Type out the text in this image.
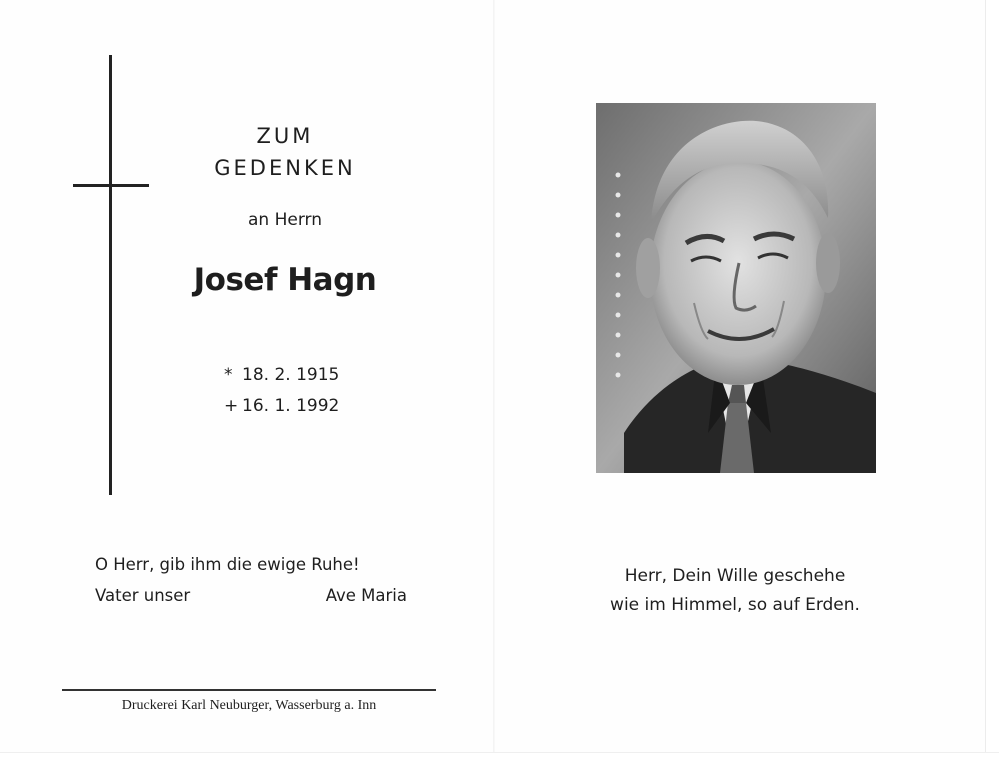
ZUM
GEDENKEN
an Herrn
Josef Hagn
* 18. 2. 1915
+ 16. 1. 1992
O Herr, gib ihm die ewige Ruhe!
Vater unser	Ave Maria
Druckerei Karl Neuburger, Wasserburg a. Inn
Herr, Dein Wille geschehe
wie im Himmel, so auf Erden.
